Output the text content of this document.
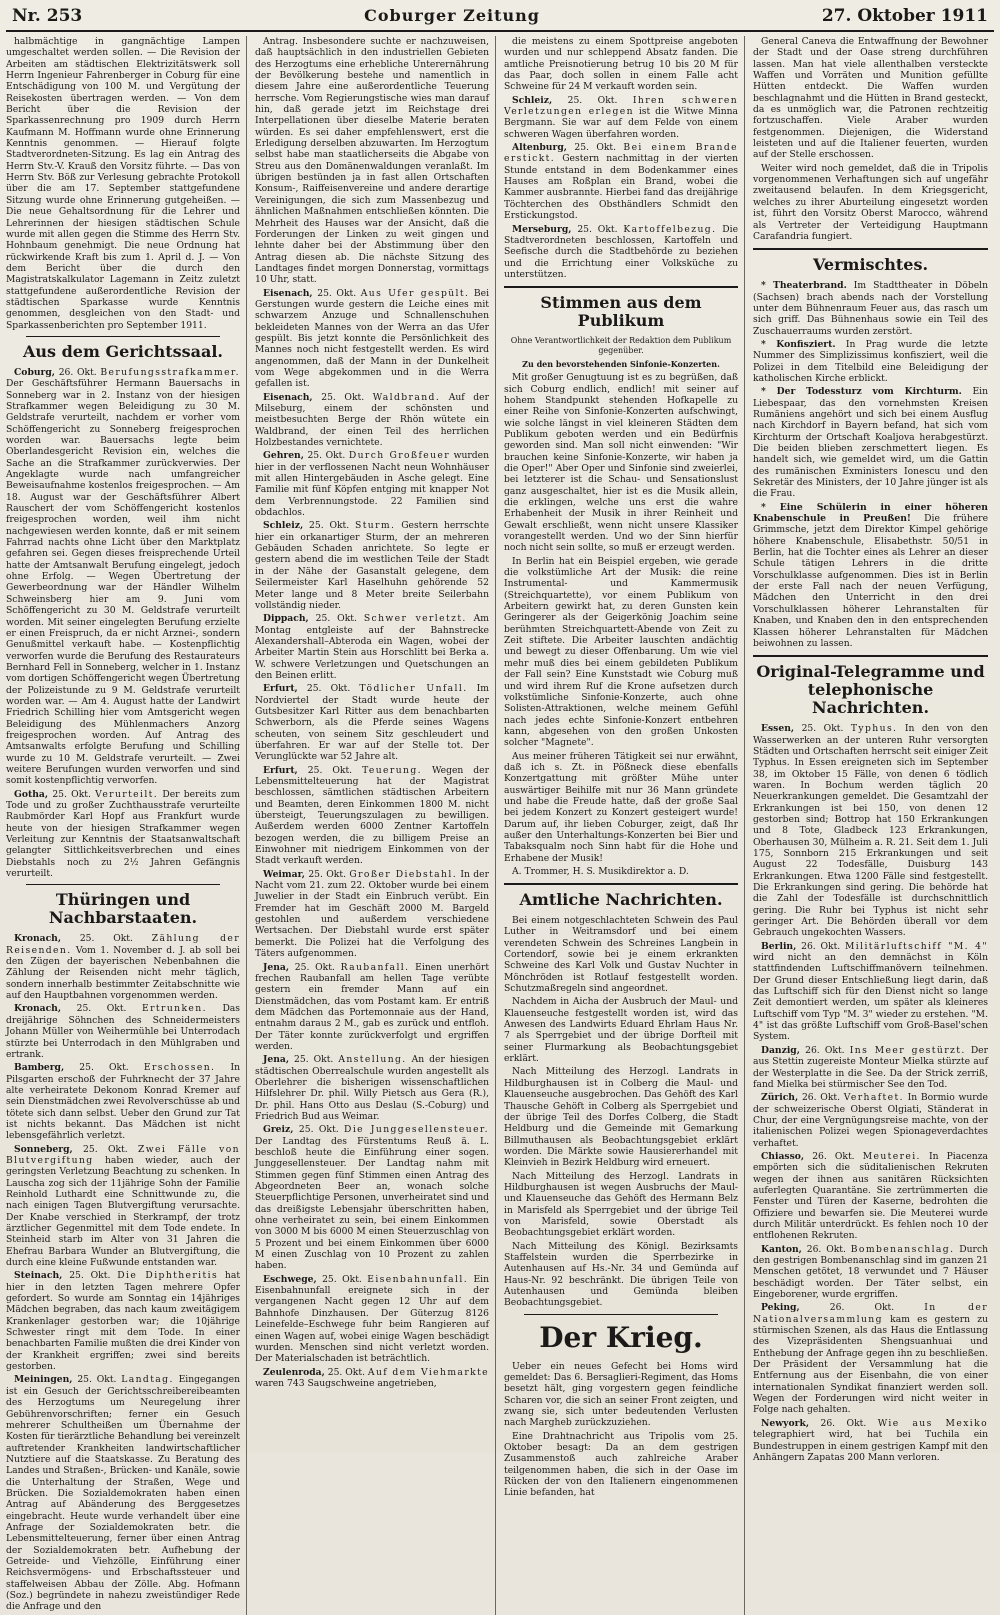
Nr. 253	Coburger Zeitung	27. Oktober 1911

halbmächtige in gangnächtige Lampen umgeschaltet werden sollen. — Die Revision der Arbeiten am städtischen Elektrizitätswerk soll Herrn Ingenieur Fahrenberger in Coburg für eine Entschädigung von 100 M. und Vergütung der Reisekosten übertragen werden. — Von dem Bericht über die Revision der Sparkassenrechnung pro 1909 durch Herrn Kaufmann M. Hoffmann wurde ohne Erinnerung Kenntnis genommen. — Hierauf folgte Stadtverordneten-Sitzung. Es lag ein Antrag des Herrn Stv.-V. Krauß den Vorsitz führte. — Das von Herrn Stv. Böß zur Verlesung gebrachte Protokoll über die am 17. September stattgefundene Sitzung wurde ohne Erinnerung gutgeheißen. — Die neue Gehaltsordnung für die Lehrer und Lehrerinnen der hiesigen städtischen Schule wurde mit allen gegen die Stimme des Herrn Stv. Hohnbaum genehmigt. Die neue Ordnung hat rückwirkende Kraft bis zum 1. April d. J. — Von dem Bericht über die durch den Magistratskalkulator Lagemann in Zeitz zuletzt stattgefundene außerordentliche Revision der städtischen Sparkasse wurde Kenntnis genommen, desgleichen von den Stadt- und Sparkassenberichten pro September 1911.

Aus dem Gerichtssaal.

Coburg, 26. Okt. Berufungsstrafkammer. Der Geschäftsführer Hermann Bauersachs in Sonneberg war in 2. Instanz von der hiesigen Strafkammer wegen Beleidigung zu 30 M. Geldstrafe verurteilt, nachdem er vorher vom Schöffengericht zu Sonneberg freigesprochen worden war. Bauersachs legte beim Oberlandesgericht Revision ein, welches die Sache an die Strafkammer zurückverwies. Der Angeklagte wurde nach umfangreicher Beweisaufnahme kostenlos freigesprochen. — Am 18. August war der Geschäftsführer Albert Rauschert der vom Schöffengericht kostenlos freigesprochen worden, weil ihm nicht nachgewiesen werden konnte, daß er mit seinem Fahrrad nachts ohne Licht über den Marktplatz gefahren sei. Gegen dieses freisprechende Urteil hatte der Amtsanwalt Berufung eingelegt, jedoch ohne Erfolg. — Wegen Übertretung der Gewerbeordnung war der Händler Wilhelm Schweinsberg hier am 9. Juni vom Schöffengericht zu 30 M. Geldstrafe verurteilt worden. Mit seiner eingelegten Berufung erzielte er einen Freispruch, da er nicht Arznei-, sondern Genußmittel verkauft habe. — Kostenpflichtig verworfen wurde die Berufung des Restaurateurs Bernhard Fell in Sonneberg, welcher in 1. Instanz vom dortigen Schöffengericht wegen Übertretung der Polizeistunde zu 9 M. Geldstrafe verurteilt worden war. — Am 4. August hatte der Landwirt Friedrich Schilling hier vom Amtsgericht wegen Beleidigung des Mühlenmachers Anzorg freigesprochen worden. Auf Antrag des Amtsanwalts erfolgte Berufung und Schilling wurde zu 10 M. Geldstrafe verurteilt. — Zwei weitere Berufungen wurden verworfen und sind somit kostenpflichtig verworfen.

Gotha, 25. Okt. Verurteilt. Der bereits zum Tode und zu großer Zuchthausstrafe verurteilte Raubmörder Karl Hopf aus Frankfurt wurde heute von der hiesigen Strafkammer wegen Verleitung zur Kenntnis der Staatsanwaltschaft gelangter Sittlichkeitsverbrechen und eines Diebstahls noch zu 2½ Jahren Gefängnis verurteilt.

Thüringen und Nachbarstaaten.

Kronach, 25. Okt. Zählung der Reisenden. Vom 1. November d. J. ab soll bei den Zügen der bayerischen Nebenbahnen die Zählung der Reisenden nicht mehr täglich, sondern innerhalb bestimmter Zeitabschnitte wie auf den Hauptbahnen vorgenommen werden.

Kronach, 25. Okt. Ertrunken. Das dreijährige Söhnchen des Schneidermeisters Johann Müller von Weihermühle bei Unterrodach stürzte bei Unterrodach in den Mühlgraben und ertrank.

Bamberg, 25. Okt. Erschossen. In Pilsgarten erschoß der Fuhrknecht der 37 Jahre alte verheiratete Dekonom Konrad Kremer auf sein Dienstmädchen zwei Revolverschüsse ab und tötete sich dann selbst. Ueber den Grund zur Tat ist nichts bekannt. Das Mädchen ist nicht lebensgefährlich verletzt.

Sonneberg, 25. Okt. Zwei Fälle von Blutvergiftung haben wieder, auch der geringsten Verletzung Beachtung zu schenken. In Lauscha zog sich der 11jährige Sohn der Familie Reinhold Luthardt eine Schnittwunde zu, die nach einigen Tagen Blutvergiftung verursachte. Der Knabe verschied in Sterkrampf, der trotz ärztlicher Gegenmittel mit dem Tode endete. In Steinheid starb im Alter von 31 Jahren die Ehefrau Barbara Wunder an Blutvergiftung, die durch eine kleine Fußwunde entstanden war.

Steinach, 25. Okt. Die Diphtheritis hat hier in den letzten Tagen mehrere Opfer gefordert. So wurde am Sonntag ein 14jähriges Mädchen begraben, das nach kaum zweitägigem Krankenlager gestorben war; die 10jährige Schwester ringt mit dem Tode. In einer benachbarten Familie mußten die drei Kinder von der Krankheit ergriffen; zwei sind bereits gestorben.

Meiningen, 25. Okt. Landtag. Eingegangen ist ein Gesuch der Gerichtsschreibereibeamten des Herzogtums um Neuregelung ihrer Gebührenvorschriften; ferner ein Gesuch mehrerer Schultheißen um Übernahme der Kosten für tierärztliche Behandlung bei vereinzelt auftretender Krankheiten landwirtschaftlicher Nutztiere auf die Staatskasse. Zu Beratung des Landes und Straßen-, Brücken- und Kanäle, sowie die Unterhaltung der Straßen, Wege und Brücken. Die Sozialdemokraten haben einen Antrag auf Abänderung des Berggesetzes eingebracht. Heute wurde verhandelt über eine Anfrage der Sozialdemokraten betr. die Lebensmittelteuerung, ferner über einen Antrag der Sozialdemokraten betr. Aufhebung der Getreide- und Viehzölle, Einführung einer Reichsvermögens- und Erbschaftssteuer und staffelweisen Abbau der Zölle. Abg. Hofmann (Soz.) begründete in nahezu zweistündiger Rede die Anfrage und den

Antrag. Insbesondere suchte er nachzuweisen, daß hauptsächlich in den industriellen Gebieten des Herzogtums eine erhebliche Unterernährung der Bevölkerung bestehe und namentlich in diesem Jahre eine außerordentliche Teuerung herrsche. Vom Regierungstische wies man darauf hin, daß gerade jetzt im Reichstage drei Interpellationen über dieselbe Materie beraten würden. Es sei daher empfehlenswert, erst die Erledigung derselben abzuwarten. Im Herzogtum selbst habe man staatlicherseits die Abgabe von Streu aus den Domänenwaldungen veranlaßt. Im übrigen bestünden ja in fast allen Ortschaften Konsum-, Raiffeisenvereine und andere derartige Vereinigungen, die sich zum Massenbezug und ähnlichen Maßnahmen entschließen könnten. Die Mehrheit des Hauses war der Ansicht, daß die Forderungen der Linken zu weit gingen und lehnte daher bei der Abstimmung über den Antrag diesen ab. Die nächste Sitzung des Landtages findet morgen Donnerstag, vormittags 10 Uhr, statt.

Eisenach, 25. Okt. Aus Ufer gespült. Bei Gerstungen wurde gestern die Leiche eines mit schwarzem Anzuge und Schnallenschuhen bekleideten Mannes von der Werra an das Ufer gespült. Bis jetzt konnte die Persönlichkeit des Mannes noch nicht festgestellt werden. Es wird angenommen, daß der Mann in der Dunkelheit vom Wege abgekommen und in die Werra gefallen ist.

Eisenach, 25. Okt. Waldbrand. Auf der Milseburg, einem der schönsten und meistbesuchten Berge der Rhön wütete ein Waldbrand, der einen Teil des herrlichen Holzbestandes vernichtete.

Gehren, 25. Okt. Durch Großfeuer wurden hier in der verflossenen Nacht neun Wohnhäuser mit allen Hintergebäuden in Asche gelegt. Eine Familie mit fünf Köpfen entging mit knapper Not dem Verbrennungstode. 22 Familien sind obdachlos.

Schleiz, 25. Okt. Sturm. Gestern herrschte hier ein orkanartiger Sturm, der an mehreren Gebäuden Schaden anrichtete. So legte er gestern abend die im westlichen Teile der Stadt in der Nähe der Gasanstalt gelegene, dem Seilermeister Karl Haselhuhn gehörende 52 Meter lange und 8 Meter breite Seilerbahn vollständig nieder.

Dippach, 25. Okt. Schwer verletzt. Am Montag entgleiste auf der Bahnstrecke Alexandershall–Abteroda ein Wagen, wobei der Arbeiter Martin Stein aus Horschlitt bei Berka a. W. schwere Verletzungen und Quetschungen an den Beinen erlitt.

Erfurt, 25. Okt. Tödlicher Unfall. Im Nordviertel der Stadt wurde heute der Gutsbesitzer Karl Ritter aus dem benachbarten Schwerborn, als die Pferde seines Wagens scheuten, von seinem Sitz geschleudert und überfahren. Er war auf der Stelle tot. Der Verunglückte war 52 Jahre alt.

Erfurt, 25. Okt. Teuerung. Wegen der Lebensmittelteuerung hat der Magistrat beschlossen, sämtlichen städtischen Arbeitern und Beamten, deren Einkommen 1800 M. nicht übersteigt, Teuerungszulagen zu bewilligen. Außerdem werden 6000 Zentner Kartoffeln bezogen werden, die zu billigem Preise an Einwohner mit niedrigem Einkommen von der Stadt verkauft werden.

Weimar, 25. Okt. Großer Diebstahl. In der Nacht vom 21. zum 22. Oktober wurde bei einem Juwelier in der Stadt ein Einbruch verübt. Ein Fremder hat im Geschäft 2000 M. Bargeld gestohlen und außerdem verschiedene Wertsachen. Der Diebstahl wurde erst später bemerkt. Die Polizei hat die Verfolgung des Täters aufgenommen.

Jena, 25. Okt. Raubanfall. Einen unerhört frechen Raubanfall am hellen Tage verübte gestern ein fremder Mann auf ein Dienstmädchen, das vom Postamt kam. Er entriß dem Mädchen das Portemonnaie aus der Hand, entnahm daraus 2 M., gab es zurück und entfloh. Der Täter konnte zurückverfolgt und ergriffen werden.

Jena, 25. Okt. Anstellung. An der hiesigen städtischen Oberrealschule wurden angestellt als Oberlehrer die bisherigen wissenschaftlichen Hilfslehrer Dr. phil. Willy Pietsch aus Gera (R.), Dr. phil. Hans Otto aus Deslau (S.-Coburg) und Friedrich Bud aus Weimar.

Greiz, 25. Okt. Die Junggesellensteuer. Der Landtag des Fürstentums Reuß ä. L. beschloß heute die Einführung einer sogen. Junggesellensteuer. Der Landtag nahm mit Stimmen gegen fünf Stimmen einen Antrag des Abgeordneten Beer an, wonach solche Steuerpflichtige Personen, unverheiratet sind und das dreißigste Lebensjahr überschritten haben, ohne verheiratet zu sein, bei einem Einkommen von 3000 M bis 6000 M einen Steuerzuschlag von 5 Prozent und bei einem Einkommen über 6000 M einen Zuschlag von 10 Prozent zu zahlen haben.

Eschwege, 25. Okt. Eisenbahnunfall. Ein Eisenbahnunfall ereignete sich in der vergangenen Nacht gegen 12 Uhr auf dem Bahnhofe Dinzhausen. Der Güterzug 8126 Leinefelde–Eschwege fuhr beim Rangieren auf einen Wagen auf, wobei einige Wagen beschädigt wurden. Menschen sind nicht verletzt worden. Der Materialschaden ist beträchtlich.

Zeulenroda, 25. Okt. Auf dem Viehmarkte waren 743 Saugschweine angetrieben,

die meistens zu einem Spottpreise angeboten wurden und nur schleppend Absatz fanden. Die amtliche Preisnotierung betrug 10 bis 20 M für das Paar, doch sollen in einem Falle acht Schweine für 24 M verkauft worden sein.

Schleiz, 25. Okt. Ihren schweren Verletzungen erlegen ist die Witwe Minna Bergmann. Sie war auf dem Felde von einem schweren Wagen überfahren worden.

Altenburg, 25. Okt. Bei einem Brande erstickt. Gestern nachmittag in der vierten Stunde entstand in dem Bodenkammer eines Hauses am Roßplan ein Brand, wobei die Kammer ausbrannte. Hierbei fand das dreijährige Töchterchen des Obsthändlers Schmidt den Erstickungstod.

Merseburg, 25. Okt. Kartoffelbezug. Die Stadtverordneten beschlossen, Kartoffeln und Seefische durch die Stadtbehörde zu beziehen und die Errichtung einer Volksküche zu unterstützen.

Stimmen aus dem Publikum

Ohne Verantwortlichkeit der Redaktion dem Publikum gegenüber.

Zu den bevorstehenden Sinfonie-Konzerten.

Mit großer Genugtuung ist es zu begrüßen, daß sich Coburg endlich, endlich! mit seiner auf hohem Standpunkt stehenden Hofkapelle zu einer Reihe von Sinfonie-Konzerten aufschwingt, wie solche längst in viel kleineren Städten dem Publikum geboten werden und ein Bedürfnis geworden sind. Man soll nicht einwenden: "Wir brauchen keine Sinfonie-Konzerte, wir haben ja die Oper!" Aber Oper und Sinfonie sind zweierlei, bei letzterer ist die Schau- und Sensationslust ganz ausgeschaltet, hier ist es die Musik allein, die erklingen, welche uns erst die wahre Erhabenheit der Musik in ihrer Reinheit und Gewalt erschließt, wenn nicht unsere Klassiker vorangestellt werden. Und wo der Sinn hierfür noch nicht sein sollte, so muß er erzeugt werden.

In Berlin hat ein Beispiel ergeben, wie gerade die volkstümliche Art der Musik: die reine Instrumental- und Kammermusik (Streichquartette), vor einem Publikum von Arbeitern gewirkt hat, zu deren Gunsten kein Geringerer als der Geigerkönig Joachim seine berühmten Streichquartett-Abende von Zeit zu Zeit stiftete. Die Arbeiter lauschten andächtig und bewegt zu dieser Offenbarung. Um wie viel mehr muß dies bei einem gebildeten Publikum der Fall sein? Eine Kunststadt wie Coburg muß und wird ihrem Ruf die Krone aufsetzen durch volkstümliche Sinfonie-Konzerte, auch ohne Solisten-Attraktionen, welche meinem Gefühl nach jedes echte Sinfonie-Konzert entbehren kann, abgesehen von den großen Unkosten solcher "Magnete".

Aus meiner früheren Tätigkeit sei nur erwähnt, daß ich s. Zt. in Pößneck diese ebenfalls Konzertgattung mit größter Mühe unter auswärtiger Beihilfe mit nur 36 Mann gründete und habe die Freude hatte, daß der große Saal bei jedem Konzert zu Konzert gesteigert wurde! Darum auf, ihr lieben Coburger, zeigt, daß Ihr außer den Unterhaltungs-Konzerten bei Bier und Tabaksqualm noch Sinn habt für die Hohe und Erhabene der Musik!

A. Trommer, H. S. Musikdirektor a. D.

Amtliche Nachrichten.

Bei einem notgeschlachteten Schwein des Paul Luther in Weitramsdorf und bei einem verendeten Schwein des Schreines Langbein in Cortendorf, sowie bei je einem erkrankten Schweine des Karl Volk und Gustav Nuchter in Mönchröden ist Rotlauf festgestellt worden. Schutzmaßregeln sind angeordnet.

Nachdem in Aicha der Ausbruch der Maul- und Klauenseuche festgestellt worden ist, wird das Anwesen des Landwirts Eduard Ehrlam Haus Nr. 7 als Sperrgebiet und der übrige Dorfteil mit seiner Flurmarkung als Beobachtungsgebiet erklärt.

Nach Mitteilung des Herzogl. Landrats in Hildburghausen ist in Colberg die Maul- und Klauenseuche ausgebrochen. Das Gehöft des Karl Thausche Gehöft in Colberg als Sperrgebiet und der übrige Teil des Dorfes Colberg, die Stadt Heldburg und die Gemeinde mit Gemarkung Billmuthausen als Beobachtungsgebiet erklärt worden. Die Märkte sowie Hausiererhandel mit Kleinvieh in Bezirk Heldburg wird erneuert.

Nach Mitteilung des Herzogl. Landrats in Hildburghausen ist wegen Ausbruchs der Maul- und Klauenseuche das Gehöft des Hermann Belz in Marisfeld als Sperrgebiet und der übrige Teil von Marisfeld, sowie Oberstadt als Beobachtungsgebiet erklärt worden.

Nach Mitteilung des Königl. Bezirksamts Staffelstein wurden die Sperrbezirke in Autenhausen auf Hs.-Nr. 34 und Gemünda auf Haus-Nr. 92 beschränkt. Die übrigen Teile von Autenhausen und Gemünda bleiben Beobachtungsgebiet.

Der Krieg.

Ueber ein neues Gefecht bei Homs wird gemeldet: Das 6. Bersaglieri-Regiment, das Homs besetzt hält, ging vorgestern gegen feindliche Scharen vor, die sich an seiner Front zeigten, und zwang sie, sich unter bedeutenden Verlusten nach Margheb zurückzuziehen.

Eine Drahtnachricht aus Tripolis vom 25. Oktober besagt: Da an dem gestrigen Zusammenstoß auch zahlreiche Araber teilgenommen haben, die sich in der Oase im Rücken der von den Italienern eingenommenen Linie befanden, hat

General Caneva die Entwaffnung der Bewohner der Stadt und der Oase streng durchführen lassen. Man hat viele allenthalben versteckte Waffen und Vorräten und Munition gefüllte Hütten entdeckt. Die Waffen wurden beschlagnahmt und die Hütten in Brand gesteckt, da es unmöglich war, die Patronen rechtzeitig fortzuschaffen. Viele Araber wurden festgenommen. Diejenigen, die Widerstand leisteten und auf die Italiener feuerten, wurden auf der Stelle erschossen.

Weiter wird noch gemeldet, daß die in Tripolis vorgenommenen Verhaftungen sich auf ungefähr zweitausend belaufen. In dem Kriegsgericht, welches zu ihrer Aburteilung eingesetzt worden ist, führt den Vorsitz Oberst Marocco, während als Vertreter der Verteidigung Hauptmann Carafandria fungiert.

Vermischtes.

* Theaterbrand. Im Stadttheater in Döbeln (Sachsen) brach abends nach der Vorstellung unter dem Bühnenraum Feuer aus, das rasch um sich griff. Das Bühnenhaus sowie ein Teil des Zuschauerraums wurden zerstört.

* Konfisziert. In Prag wurde die letzte Nummer des Simplizissimus konfisziert, weil die Polizei in dem Titelbild eine Beleidigung der katholischen Kirche erblickt.

* Der Todessturz vom Kirchturm. Ein Liebespaar, das den vornehmsten Kreisen Rumäniens angehört und sich bei einem Ausflug nach Kirchdorf in Bayern befand, hat sich vom Kirchturm der Ortschaft Koaljova herabgestürzt. Die beiden blieben zerschmettert liegen. Es handelt sich, wie gemeldet wird, um die Gattin des rumänischen Exministers Ionescu und den Sekretär des Ministers, der 10 Jahre jünger ist als die Frau.

* Eine Schülerin in einer höheren Knabenschule in Preußen! Die frühere Grimmsche, jetzt dem Direktor Kimpel gehörige höhere Knabenschule, Elisabethstr. 50/51 in Berlin, hat die Tochter eines als Lehrer an dieser Schule tätigen Lehrers in die dritte Vorschulklasse aufgenommen. Dies ist in Berlin der erste Fall nach der neuen Verfügung, Mädchen den Unterricht in den drei Vorschulklassen höherer Lehranstalten für Knaben, und Knaben den in den entsprechenden Klassen höherer Lehranstalten für Mädchen beiwohnen zu lassen.

Original-Telegramme und telephonische Nachrichten.

Essen, 25. Okt. Typhus. In den von den Wasserwerken an der unteren Ruhr versorgten Städten und Ortschaften herrscht seit einiger Zeit Typhus. In Essen ereigneten sich im September 38, im Oktober 15 Fälle, von denen 6 tödlich waren. In Bochum werden täglich 20 Neuerkrankungen gemeldet. Die Gesamtzahl der Erkrankungen ist bei 150, von denen 12 gestorben sind; Bottrop hat 150 Erkrankungen und 8 Tote, Gladbeck 123 Erkrankungen, Oberhausen 30, Mülheim a. R. 21. Seit dem 1. Juli 175, Sonnborn 215 Erkrankungen und seit August 22 Todesfälle, Duisburg 143 Erkrankungen. Etwa 1200 Fälle sind festgestellt. Die Erkrankungen sind gering. Die behörde hat die Zahl der Todesfälle ist durchschnittlich gering. Die Ruhr bei Typhus ist nicht sehr geringer Art. Die Behörden überall vor dem Gebrauch ungekochten Wassers.

Berlin, 26. Okt. Militärluftschiff "M. 4" wird nicht an den demnächst in Köln stattfindenden Luftschiffmanövern teilnehmen. Der Grund dieser Entschließung liegt darin, daß das Luftschiff sich für den Dienst nicht so lange Zeit demontiert werden, um später als kleineres Luftschiff vom Typ "M. 3" wieder zu erstehen. "M. 4" ist das größte Luftschiff vom Groß-Basel'schen System.

Danzig, 26. Okt. Ins Meer gestürzt. Der aus Stettin zugereiste Monteur Mielka stürzte auf der Westerplatte in die See. Da der Strick zerriß, fand Mielka bei stürmischer See den Tod.

Zürich, 26. Okt. Verhaftet. In Bormio wurde der schweizerische Oberst Olgiati, Ständerat in Chur, der eine Vergnügungsreise machte, von der italienischen Polizei wegen Spionageverdachtes verhaftet.

Chiasso, 26. Okt. Meuterei. In Piacenza empörten sich die süditalienischen Rekruten wegen der ihnen aus sanitären Rücksichten auferlegten Quarantäne. Sie zertrümmerten die Fenster und Türen der Kaserne, bedrohten die Offiziere und bewarfen sie. Die Meuterei wurde durch Militär unterdrückt. Es fehlen noch 10 der entflohenen Rekruten.

Kanton, 26. Okt. Bombenanschlag. Durch den gestrigen Bombenanschlag sind im ganzen 21 Menschen getötet, 18 verwundet und 7 Häuser beschädigt worden. Der Täter selbst, ein Eingeborener, wurde ergriffen.

Peking,	26. Okt.	In der Nationalversammlung kam es gestern zu stürmischen Szenen, als das Haus die Entlassung des Vizepräsidenten Shengsuanhuai und Enthebung der Anfrage gegen ihn zu beschließen. Der Präsident der Versammlung hat die Entfernung aus der Eisenbahn, die von einer internationalen Syndikat finanziert werden soll. Wegen der Forderungen wird nicht weiter in Folge nach gehalten.

Newyork, 26. Okt. Wie aus Mexiko telegraphiert wird, hat bei Tuchila ein Bundestruppen in einem gestrigen Kampf mit den Anhängern Zapatas 200 Mann verloren.
